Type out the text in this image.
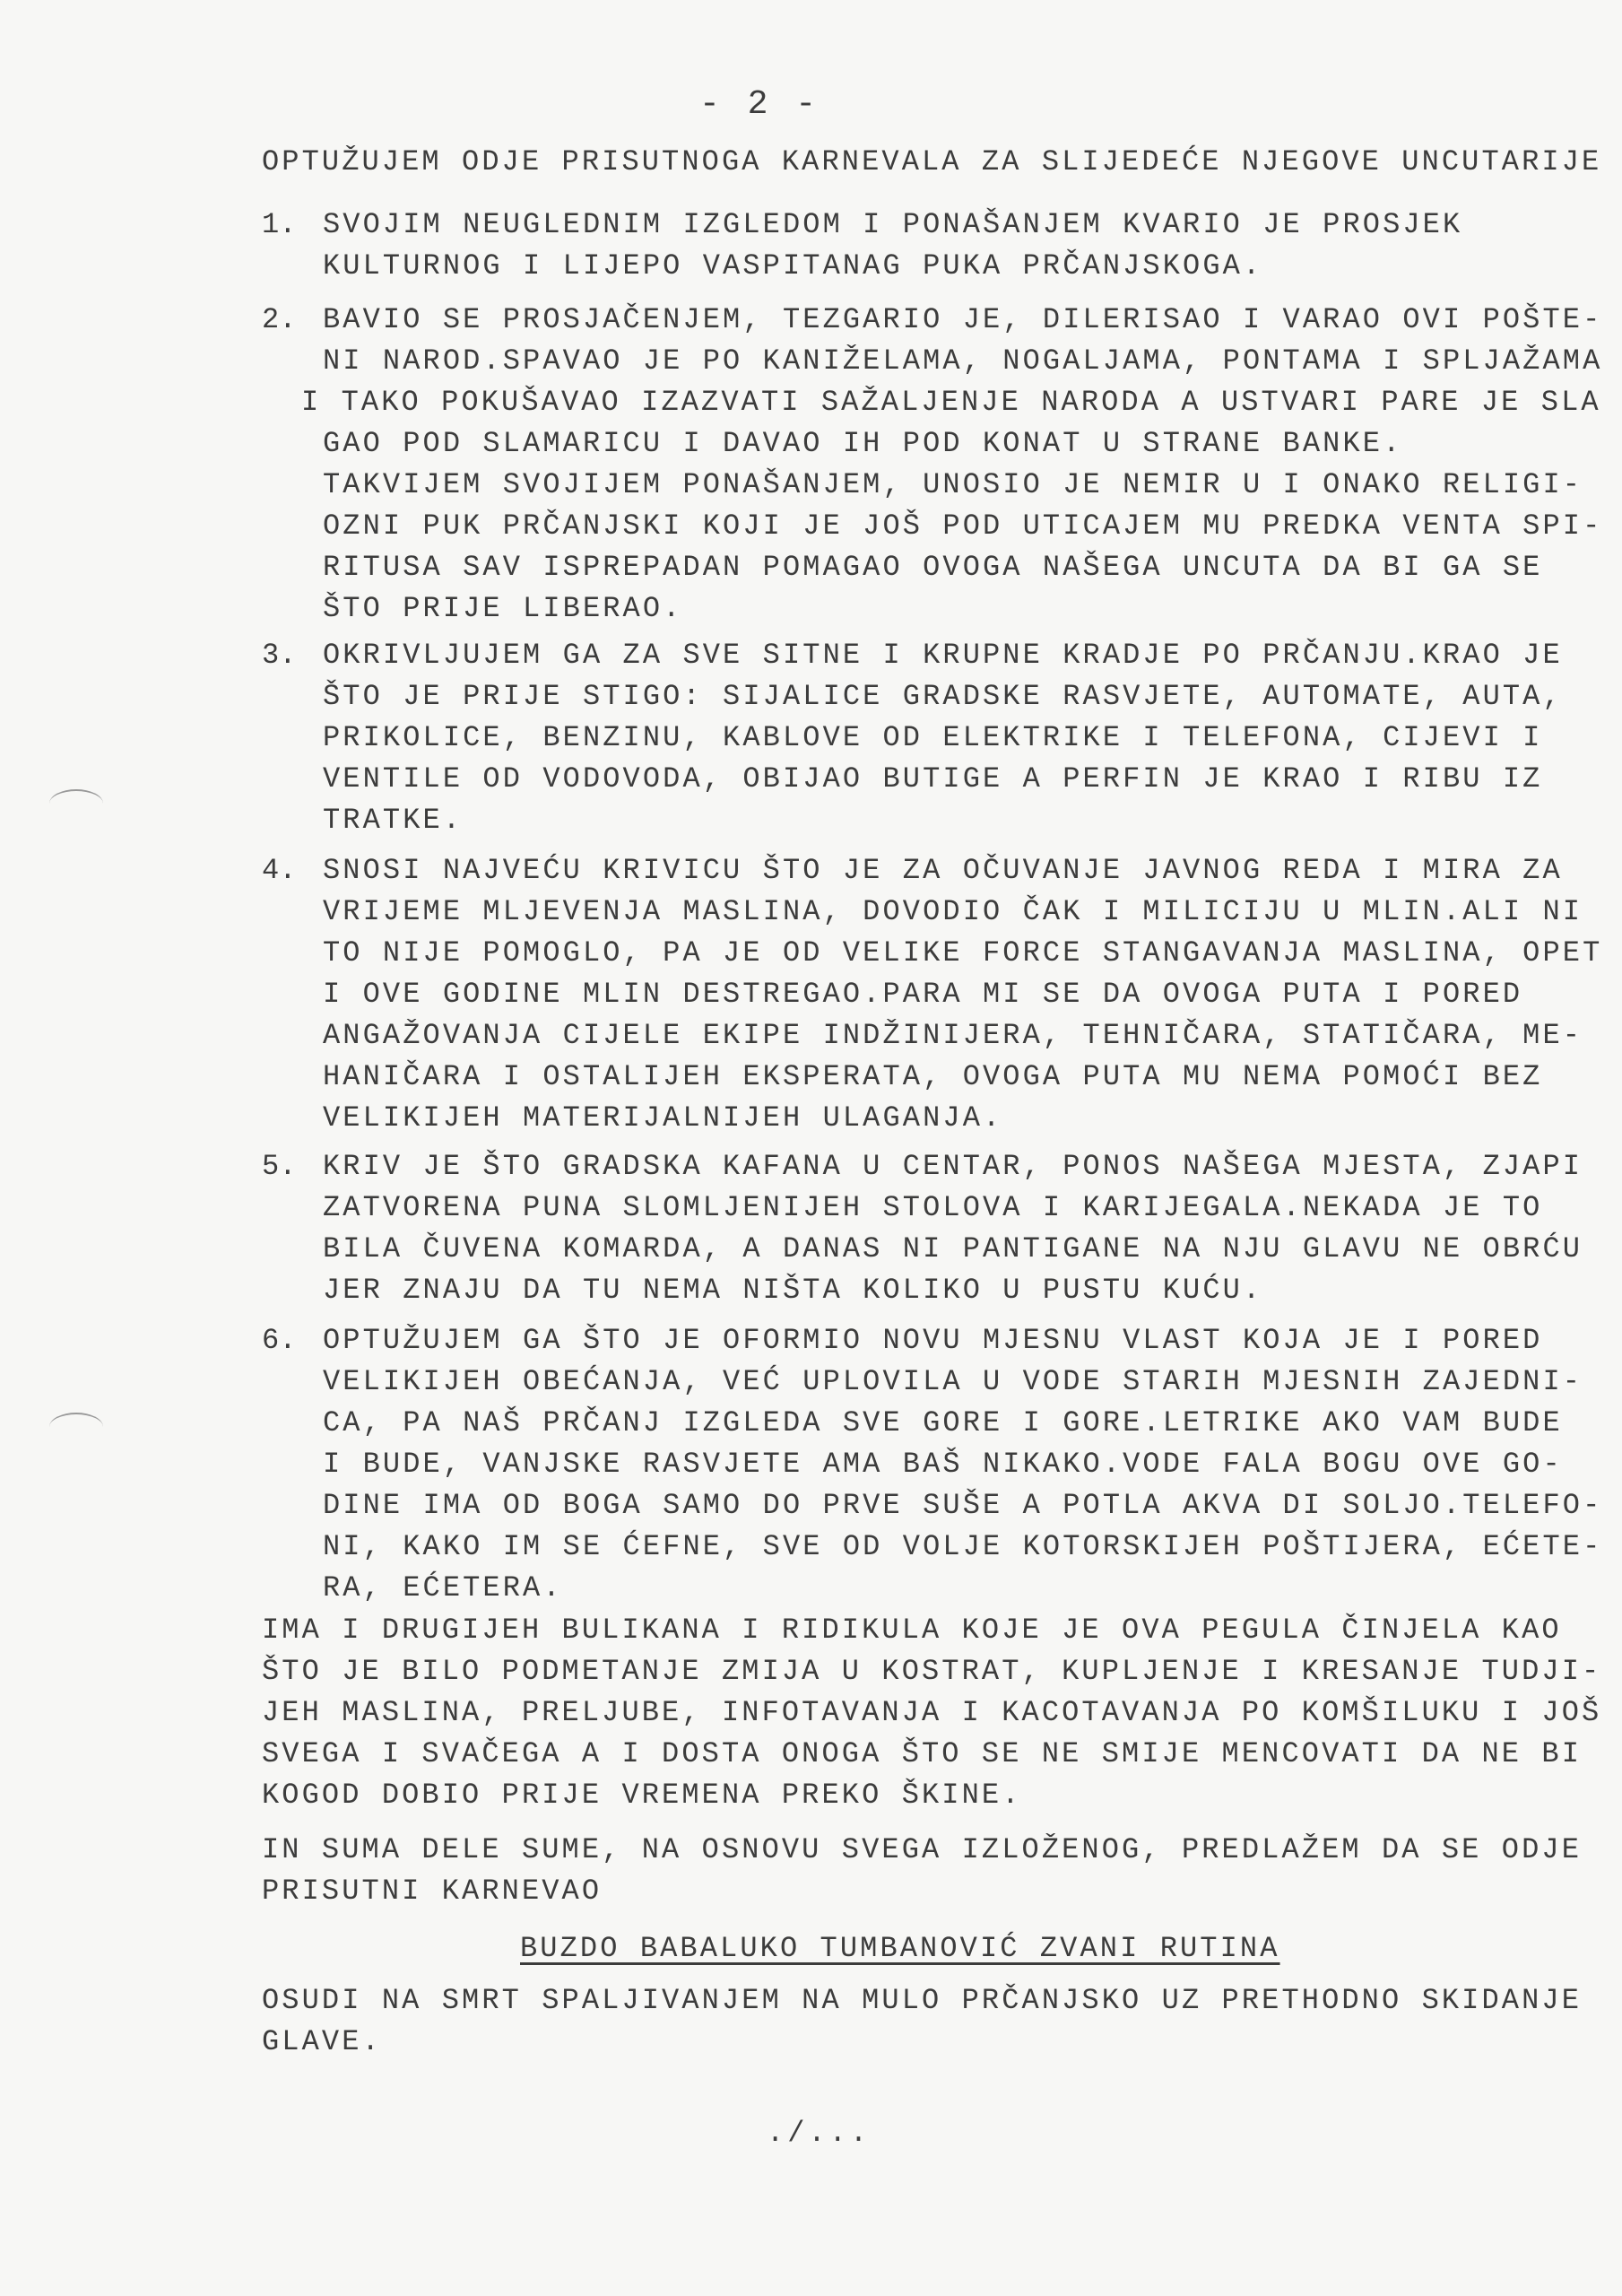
- 2 -
OPTUŽUJEM ODJE PRISUTNOGA KARNEVALA ZA SLIJEDEĆE NJEGOVE UNCUTARIJE
1. SVOJIM NEUGLEDNIM IZGLEDOM I PONAŠANJEM KVARIO JE PROSJEK
KULTURNOG I LIJEPO VASPITANAG PUKA PRČANJSKOGA.
2. BAVIO SE PROSJAČENJEM, TEZGARIO JE, DILERISAO I VARAO OVI POŠTE-
NI NAROD.SPAVAO JE PO KANIŽELAMA, NOGALJAMA, PONTAMA I SPLJAŽAMA
I TAKO POKUŠAVAO IZAZVATI SAŽALJENJE NARODA A USTVARI PARE JE SLA
GAO POD SLAMARICU I DAVAO IH POD KONAT U STRANE BANKE.
TAKVIJEM SVOJIJEM PONAŠANJEM, UNOSIO JE NEMIR U I ONAKO RELIGI-
OZNI PUK PRČANJSKI KOJI JE JOŠ POD UTICAJEM MU PREDKA VENTA SPI-
RITUSA SAV ISPREPADAN POMAGAO OVOGA NAŠEGA UNCUTA DA BI GA SE
ŠTO PRIJE LIBERAO.
3. OKRIVLJUJEM GA ZA SVE SITNE I KRUPNE KRADJE PO PRČANJU.KRAO JE
ŠTO JE PRIJE STIGO: SIJALICE GRADSKE RASVJETE, AUTOMATE, AUTA,
PRIKOLICE, BENZINU, KABLOVE OD ELEKTRIKE I TELEFONA, CIJEVI I
VENTILE OD VODOVODA, OBIJAO BUTIGE A PERFIN JE KRAO I RIBU IZ
TRATKE.
4. SNOSI NAJVEĆU KRIVICU ŠTO JE ZA OČUVANJE JAVNOG REDA I MIRA ZA
VRIJEME MLJEVENJA MASLINA, DOVODIO ČAK I MILICIJU U MLIN.ALI NI
TO NIJE POMOGLO, PA JE OD VELIKE FORCE STANGAVANJA MASLINA, OPET
I OVE GODINE MLIN DESTREGAO.PARA MI SE DA OVOGA PUTA I PORED
ANGAŽOVANJA CIJELE EKIPE INDŽINIJERA, TEHNIČARA, STATIČARA, ME-
HANIČARA I OSTALIJEH EKSPERATA, OVOGA PUTA MU NEMA POMOĆI BEZ
VELIKIJEH MATERIJALNIJEH ULAGANJA.
5. KRIV JE ŠTO GRADSKA KAFANA U CENTAR, PONOS NAŠEGA MJESTA, ZJAPI
ZATVORENA PUNA SLOMLJENIJEH STOLOVA I KARIJEGALA.NEKADA JE TO
BILA ČUVENA KOMARDA, A DANAS NI PANTIGANE NA NJU GLAVU NE OBRĆU
JER ZNAJU DA TU NEMA NIŠTA KOLIKO U PUSTU KUĆU.
6. OPTUŽUJEM GA ŠTO JE OFORMIO NOVU MJESNU VLAST KOJA JE I PORED
VELIKIJEH OBEĆANJA, VEĆ UPLOVILA U VODE STARIH MJESNIH ZAJEDNI-
CA, PA NAŠ PRČANJ IZGLEDA SVE GORE I GORE.LETRIKE AKO VAM BUDE
I BUDE, VANJSKE RASVJETE AMA BAŠ NIKAKO.VODE FALA BOGU OVE GO-
DINE IMA OD BOGA SAMO DO PRVE SUŠE A POTLA AKVA DI SOLJO.TELEFO-
NI, KAKO IM SE ĆEFNE, SVE OD VOLJE KOTORSKIJEH POŠTIJERA, EĆETE-
RA, EĆETERA.
IMA I DRUGIJEH BULIKANA I RIDIKULA KOJE JE OVA PEGULA ČINJELA KAO
ŠTO JE BILO PODMETANJE ZMIJA U KOSTRAT, KUPLJENJE I KRESANJE TUDJI-
JEH MASLINA, PRELJUBE, INFOTAVANJA I KACOTAVANJA PO KOMŠILUKU I JOŠ
SVEGA I SVAČEGA A I DOSTA ONOGA ŠTO SE NE SMIJE MENCOVATI DA NE BI
KOGOD DOBIO PRIJE VREMENA PREKO ŠKINE.
IN SUMA DELE SUME, NA OSNOVU SVEGA IZLOŽENOG, PREDLAŽEM DA SE ODJE
PRISUTNI KARNEVAO
BUZDO BABALUKO TUMBANOVIĆ ZVANI RUTINA
OSUDI NA SMRT SPALJIVANJEM NA MULO PRČANJSKO UZ PRETHODNO SKIDANJE
GLAVE.
./...
